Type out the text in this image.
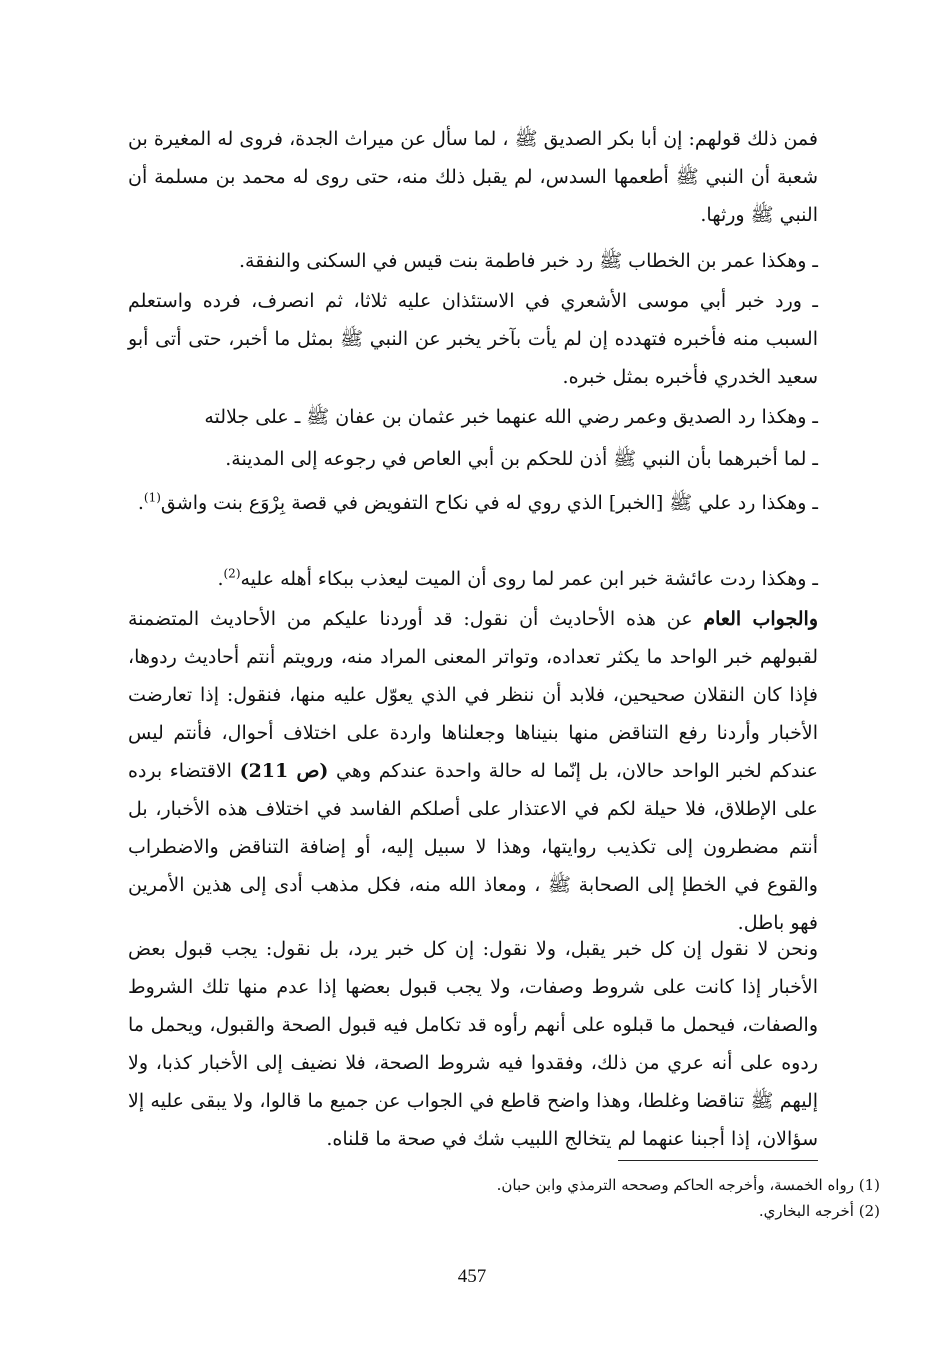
فمن ذلك قولهم: إن أبا بكر الصديق ﷺ ، لما سأل عن ميراث الجدة، فروى له المغيرة بن شعبة أن النبي ﷺ أطعمها السدس، لم يقبل ذلك منه، حتى روى له محمد بن مسلمة أن النبي ﷺ ورثها.

ـ وهكذا عمر بن الخطاب ﷺ رد خبر فاطمة بنت قيس في السكنى والنفقة.

ـ ورد خبر أبي موسى الأشعري في الاستئذان عليه ثلاثا، ثم انصرف، فرده واستعلم السبب منه فأخبره فتهدده إن لم يأت بآخر يخبر عن النبي ﷺ بمثل ما أخبر، حتى أتى أبو سعيد الخدري فأخبره بمثل خبره.

ـ وهكذا رد الصديق وعمر رضي الله عنهما خبر عثمان بن عفان ﷺ ـ على جلالته

ـ لما أخبرهما بأن النبي ﷺ أذن للحكم بن أبي العاص في رجوعه إلى المدينة.

ـ وهكذا رد علي ﷺ [الخبر] الذي روي له في نكاح التفويض في قصة بِرْوَع بنت واشق$^{(1)}$.

ـ وهكذا ردت عائشة خبر ابن عمر لما روى أن الميت ليعذب ببكاء أهله عليه$^{(2)}$.

والجواب العام عن هذه الأحاديث أن نقول: قد أوردنا عليكم من الأحاديث المتضمنة لقبولهم خبر الواحد ما يكثر تعداده، وتواتر المعنى المراد منه، ورويتم أنتم أحاديث ردوها، فإذا كان النقلان صحيحين، فلابد أن ننظر في الذي يعوّل عليه منها، فنقول: إذا تعارضت الأخبار وأردنا رفع التناقض منها بنيناها وجعلناها واردة على اختلاف أحوال، فأنتم ليس عندكم لخبر الواحد حالان، بل إنّما له حالة واحدة عندكم وهي (ص 211) الاقتضاء برده على الإطلاق، فلا حيلة لكم في الاعتذار على أصلكم الفاسد في اختلاف هذه الأخبار، بل أنتم مضطرون إلى تكذيب روايتها، وهذا لا سبيل إليه، أو إضافة التناقض والاضطراب والقوع في الخطإ إلى الصحابة ﷺ ، ومعاذ الله منه، فكل مذهب أدى إلى هذين الأمرين فهو باطل.

ونحن لا نقول إن كل خبر يقبل، ولا نقول: إن كل خبر يرد، بل نقول: يجب قبول بعض الأخبار إذا كانت على شروط وصفات، ولا يجب قبول بعضها إذا عدم منها تلك الشروط والصفات، فيحمل ما قبلوه على أنهم رأوه قد تكامل فيه قبول الصحة والقبول، ويحمل ما ردوه على أنه عري من ذلك، وفقدوا فيه شروط الصحة، فلا نضيف إلى الأخبار كذبا، ولا إليهم ﷺ تناقضا وغلطا، وهذا واضح قاطع في الجواب عن جميع ما قالوا، ولا يبقى عليه إلا سؤالان، إذا أجبنا عنهما لم يتخالج اللبيب شك في صحة ما قلناه.

(1) رواه الخمسة، وأخرجه الحاكم وصححه الترمذي وابن حبان.

(2) أخرجه البخاري.

457
